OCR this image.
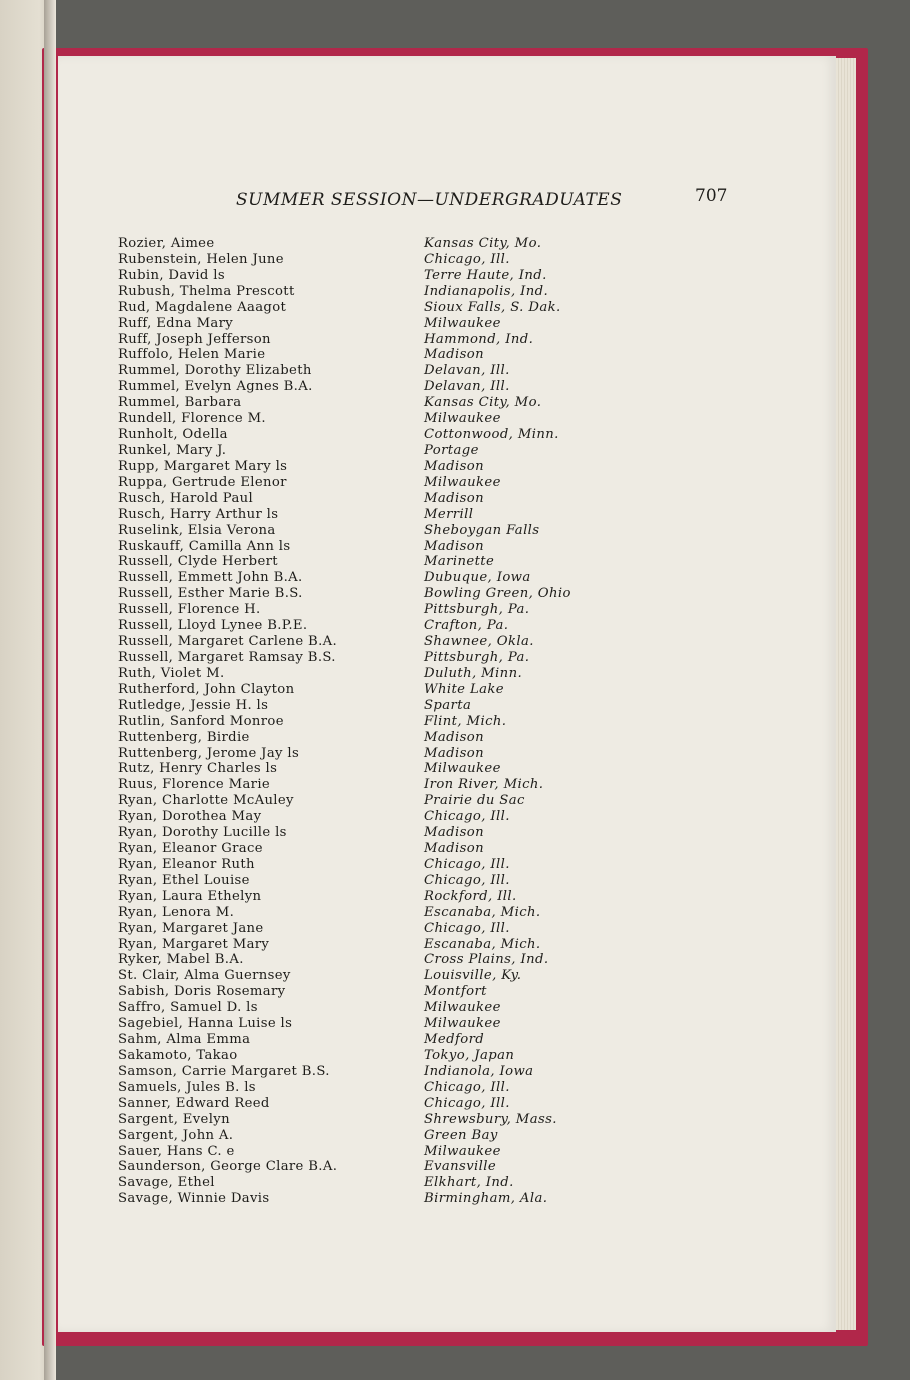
SUMMER SESSION—UNDERGRADUATES	707
Rozier, Aimee	Kansas City, Mo.
Rubenstein, Helen June	Chicago, Ill.
Rubin, David ls	Terre Haute, Ind.
Rubush, Thelma Prescott	Indianapolis, Ind.
Rud, Magdalene Aaagot	Sioux Falls, S. Dak.
Ruff, Edna Mary	Milwaukee
Ruff, Joseph Jefferson	Hammond, Ind.
Ruffolo, Helen Marie	Madison
Rummel, Dorothy Elizabeth	Delavan, Ill.
Rummel, Evelyn Agnes B.A.	Delavan, Ill.
Rummel, Barbara	Kansas City, Mo.
Rundell, Florence M.	Milwaukee
Runholt, Odella	Cottonwood, Minn.
Runkel, Mary J.	Portage
Rupp, Margaret Mary ls	Madison
Ruppa, Gertrude Elenor	Milwaukee
Rusch, Harold Paul	Madison
Rusch, Harry Arthur ls	Merrill
Ruselink, Elsia Verona	Sheboygan Falls
Ruskauff, Camilla Ann ls	Madison
Russell, Clyde Herbert	Marinette
Russell, Emmett John B.A.	Dubuque, Iowa
Russell, Esther Marie B.S.	Bowling Green, Ohio
Russell, Florence H.	Pittsburgh, Pa.
Russell, Lloyd Lynee B.P.E.	Crafton, Pa.
Russell, Margaret Carlene B.A.	Shawnee, Okla.
Russell, Margaret Ramsay B.S.	Pittsburgh, Pa.
Ruth, Violet M.	Duluth, Minn.
Rutherford, John Clayton	White Lake
Rutledge, Jessie H. ls	Sparta
Rutlin, Sanford Monroe	Flint, Mich.
Ruttenberg, Birdie	Madison
Ruttenberg, Jerome Jay ls	Madison
Rutz, Henry Charles ls	Milwaukee
Ruus, Florence Marie	Iron River, Mich.
Ryan, Charlotte McAuley	Prairie du Sac
Ryan, Dorothea May	Chicago, Ill.
Ryan, Dorothy Lucille ls	Madison
Ryan, Eleanor Grace	Madison
Ryan, Eleanor Ruth	Chicago, Ill.
Ryan, Ethel Louise	Chicago, Ill.
Ryan, Laura Ethelyn	Rockford, Ill.
Ryan, Lenora M.	Escanaba, Mich.
Ryan, Margaret Jane	Chicago, Ill.
Ryan, Margaret Mary	Escanaba, Mich.
Ryker, Mabel B.A.	Cross Plains, Ind.
St. Clair, Alma Guernsey	Louisville, Ky.
Sabish, Doris Rosemary	Montfort
Saffro, Samuel D. ls	Milwaukee
Sagebiel, Hanna Luise ls	Milwaukee
Sahm, Alma Emma	Medford
Sakamoto, Takao	Tokyo, Japan
Samson, Carrie Margaret B.S.	Indianola, Iowa
Samuels, Jules B. ls	Chicago, Ill.
Sanner, Edward Reed	Chicago, Ill.
Sargent, Evelyn	Shrewsbury, Mass.
Sargent, John A.	Green Bay
Sauer, Hans C. e	Milwaukee
Saunderson, George Clare B.A.	Evansville
Savage, Ethel	Elkhart, Ind.
Savage, Winnie Davis	Birmingham, Ala.
